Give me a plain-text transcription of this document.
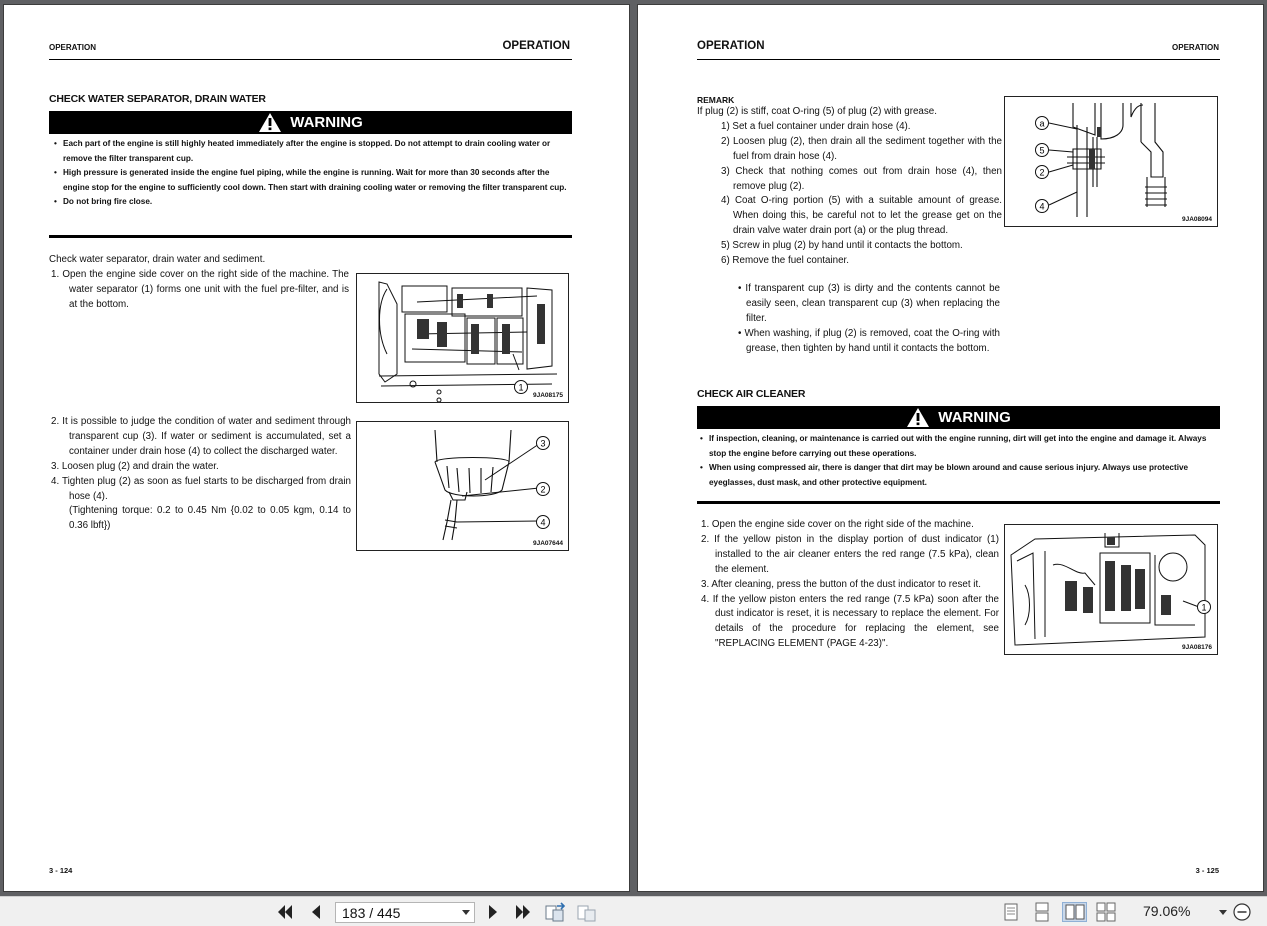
OPERATION	OPERATION
CHECK WATER SEPARATOR, DRAIN WATER
WARNING
• Each part of the engine is still highly heated immediately after the engine is stopped. Do not attempt to drain cooling water or remove the filter transparent cup.
• High pressure is generated inside the engine fuel piping, while the engine is running. Wait for more than 30 seconds after the engine stop for the engine to sufficiently cool down. Then start with draining cooling water or removing the filter transparent cup.
• Do not bring fire close.
Check water separator, drain water and sediment.
1. Open the engine side cover on the right side of the machine. The water separator (1) forms one unit with the fuel pre-filter, and is at the bottom.
1
9JA08175
2. It is possible to judge the condition of water and sediment through transparent cup (3). If water or sediment is accumulated, set a container under drain hose (4) to collect the discharged water.
3. Loosen plug (2) and drain the water.
4. Tighten plug (2) as soon as fuel starts to be discharged from drain hose (4).
(Tightening torque: 0.2 to 0.45 Nm {0.02 to 0.05 kgm, 0.14 to 0.36 lbft})
3
2
4
9JA07644
3 - 124
OPERATION	OPERATION
REMARK
If plug (2) is stiff, coat O-ring (5) of plug (2) with grease.
1) Set a fuel container under drain hose (4).
2) Loosen plug (2), then drain all the sediment together with the fuel from drain hose (4).
3) Check that nothing comes out from drain hose (4), then remove plug (2).
4) Coat O-ring portion (5) with a suitable amount of grease. When doing this, be careful not to let the grease get on the drain valve water drain port (a) or the plug thread.
5) Screw in plug (2) by hand until it contacts the bottom.
6) Remove the fuel container.
a
5
2
4
9JA08094
• If transparent cup (3) is dirty and the contents cannot be easily seen, clean transparent cup (3) when replacing the filter.
• When washing, if plug (2) is removed, coat the O-ring with grease, then tighten by hand until it contacts the bottom.
CHECK AIR CLEANER
WARNING
• If inspection, cleaning, or maintenance is carried out with the engine running, dirt will get into the engine and damage it. Always stop the engine before carrying out these operations.
• When using compressed air, there is danger that dirt may be blown around and cause serious injury. Always use protective eyeglasses, dust mask, and other protective equipment.
1. Open the engine side cover on the right side of the machine.
2. If the yellow piston in the display portion of dust indicator (1) installed to the air cleaner enters the red range (7.5 kPa), clean the element.
3. After cleaning, press the button of the dust indicator to reset it.
4. If the yellow piston enters the red range (7.5 kPa) soon after the dust indicator is reset, it is necessary to replace the element. For details of the procedure for replacing the element, see "REPLACING ELEMENT (PAGE 4-23)".
1
9JA08176
3 - 125
183 / 445	79.06%
